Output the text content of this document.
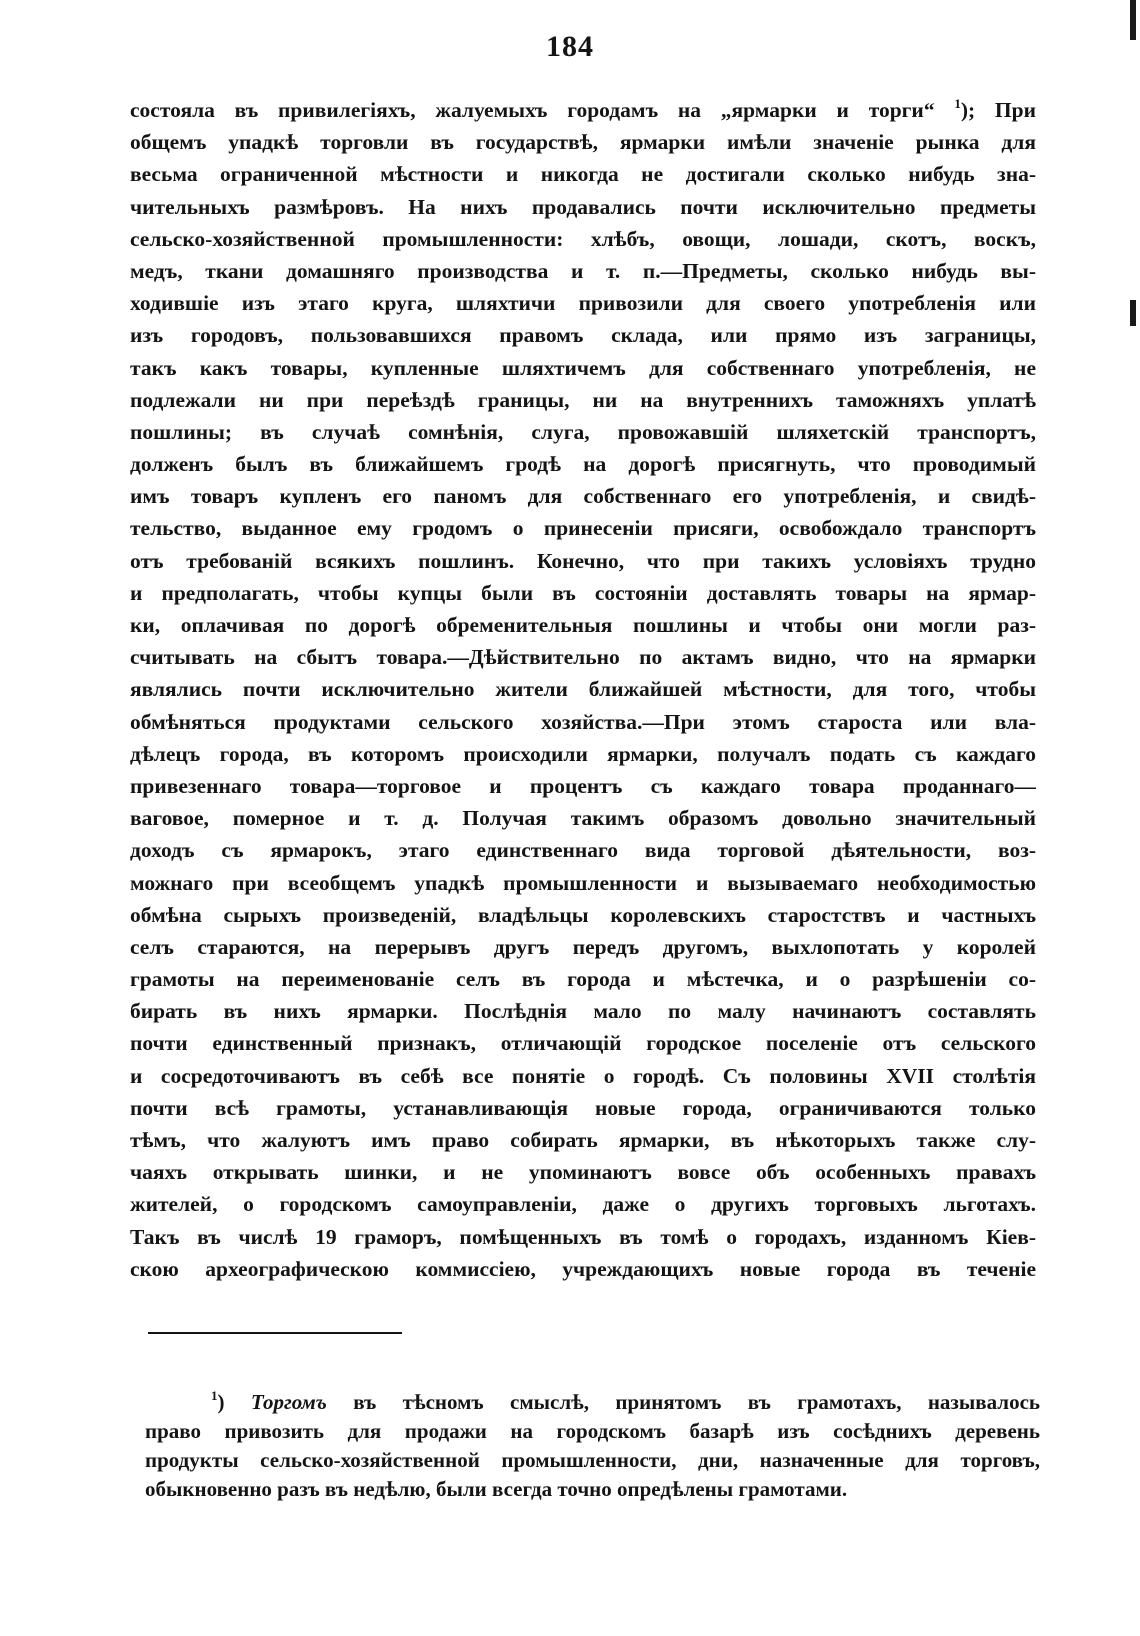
184
состояла въ привилегіяхъ, жалуемыхъ городамъ на „ярмарки и торги“ $^1$); При
общемъ упадкѣ торговли въ государствѣ, ярмарки имѣли значеніе рынка для
весьма ограниченной мѣстности и никогда не достигали сколько нибудь зна-
чительныхъ размѣровъ. На нихъ продавались почти исключительно предметы
сельско-хозяйственной промышленности: хлѣбъ, овощи, лошади, скотъ, воскъ,
медъ, ткани домашняго производства и т. п.—Предметы, сколько нибудь вы-
ходившіе изъ этаго круга, шляхтичи привозили для своего употребленія или
изъ городовъ, пользовавшихся правомъ склада, или прямо изъ заграницы,
такъ какъ товары, купленные шляхтичемъ для собственнаго употребленія, не
подлежали ни при переѣздѣ границы, ни на внутреннихъ таможняхъ уплатѣ
пошлины; въ случаѣ сомнѣнія, слуга, провожавшій шляхетскій транспортъ,
долженъ былъ въ ближайшемъ гродѣ на дорогѣ присягнуть, что проводимый
имъ товаръ купленъ его паномъ для собственнаго его употребленія, и свидѣ-
тельство, выданное ему гродомъ о принесеніи присяги, освобождало транспортъ
отъ требованій всякихъ пошлинъ. Конечно, что при такихъ условіяхъ трудно
и предполагать, чтобы купцы были въ состояніи доставлять товары на ярмар-
ки, оплачивая по дорогѣ обременительныя пошлины и чтобы они могли раз-
считывать на сбытъ товара.—Дѣйствительно по актамъ видно, что на ярмарки
являлись почти исключительно жители ближайшей мѣстности, для того, чтобы
обмѣняться продуктами сельского хозяйства.—При этомъ староста или вла-
дѣлецъ города, въ которомъ происходили ярмарки, получалъ подать съ каждаго
привезеннаго товара—торговое и процентъ съ каждаго товара проданнаго—
ваговое, померное и т. д. Получая такимъ образомъ довольно значительный
доходъ съ ярмарокъ, этаго единственнаго вида торговой дѣятельности, воз-
можнаго при всеобщемъ упадкѣ промышленности и вызываемаго необходимостью
обмѣна сырыхъ произведеній, владѣльцы королевскихъ старостствъ и частныхъ
селъ стараются, на перерывъ другъ передъ другомъ, выхлопотать у королей
грамоты на переименованіе селъ въ города и мѣстечка, и о разрѣшеніи со-
бирать въ нихъ ярмарки. Послѣднія мало по малу начинаютъ составлять
почти единственный признакъ, отличающій городское поселеніе отъ сельского
и сосредоточиваютъ въ себѣ все понятіе о городѣ. Съ половины XVII столѣтія
почти всѣ грамоты, устанавливающія новые города, ограничиваются только
тѣмъ, что жалуютъ имъ право собирать ярмарки, въ нѣкоторыхъ также слу-
чаяхъ открывать шинки, и не упоминаютъ вовсе объ особенныхъ правахъ
жителей, о городскомъ самоуправленіи, даже о другихъ торговыхъ льготахъ.
Такъ въ числѣ 19 граморъ, помѣщенныхъ въ томѣ о городахъ, изданномъ Кіев-
скою археографическою коммиссіею, учреждающихъ новые города въ теченіе
$^1$) Торгомъ въ тѣсномъ смыслѣ, принятомъ въ грамотахъ, называлось
право привозить для продажи на городскомъ базарѣ изъ сосѣднихъ деревень
продукты сельско-хозяйственной промышленности, дни, назначенные для торговъ,
обыкновенно разъ въ недѣлю, были всегда точно опредѣлены грамотами.
